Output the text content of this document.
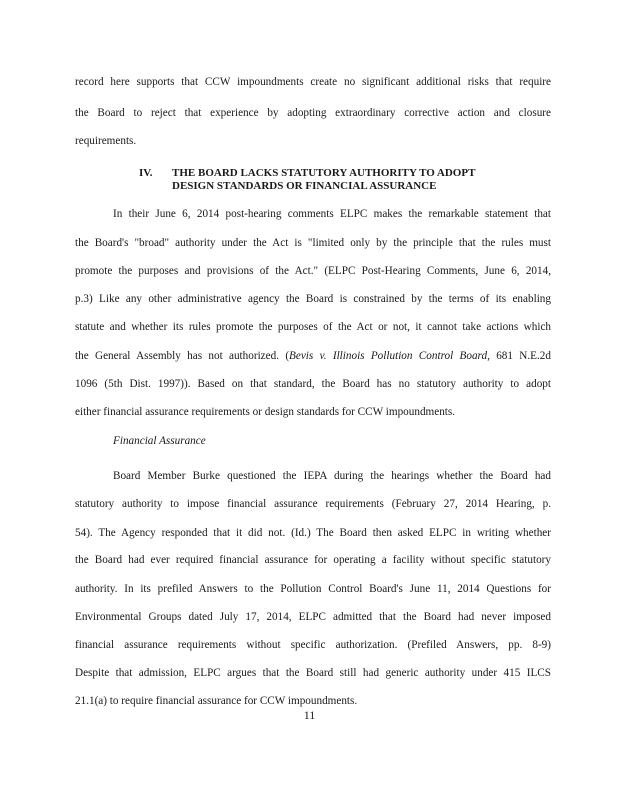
record here supports that CCW impoundments create no significant additional risks that require
the Board to reject that experience by adopting extraordinary corrective action and closure
requirements.
IV. THE BOARD LACKS STATUTORY AUTHORITY TO ADOPT
DESIGN STANDARDS OR FINANCIAL ASSURANCE
In their June 6, 2014 post-hearing comments ELPC makes the remarkable statement that
the Board's "broad" authority under the Act is "limited only by the principle that the rules must
promote the purposes and provisions of the Act." (ELPC Post-Hearing Comments, June 6, 2014,
p.3) Like any other administrative agency the Board is constrained by the terms of its enabling
statute and whether its rules promote the purposes of the Act or not, it cannot take actions which
the General Assembly has not authorized. (Bevis v. Illinois Pollution Control Board, 681 N.E.2d
1096 (5th Dist. 1997)). Based on that standard, the Board has no statutory authority to adopt
either financial assurance requirements or design standards for CCW impoundments.
Financial Assurance
Board Member Burke questioned the IEPA during the hearings whether the Board had
statutory authority to impose financial assurance requirements (February 27, 2014 Hearing, p.
54). The Agency responded that it did not. (Id.) The Board then asked ELPC in writing whether
the Board had ever required financial assurance for operating a facility without specific statutory
authority. In its prefiled Answers to the Pollution Control Board's June 11, 2014 Questions for
Environmental Groups dated July 17, 2014, ELPC admitted that the Board had never imposed
financial assurance requirements without specific authorization. (Prefiled Answers, pp. 8-9)
Despite that admission, ELPC argues that the Board still had generic authority under 415 ILCS
21.1(a) to require financial assurance for CCW impoundments.
11
